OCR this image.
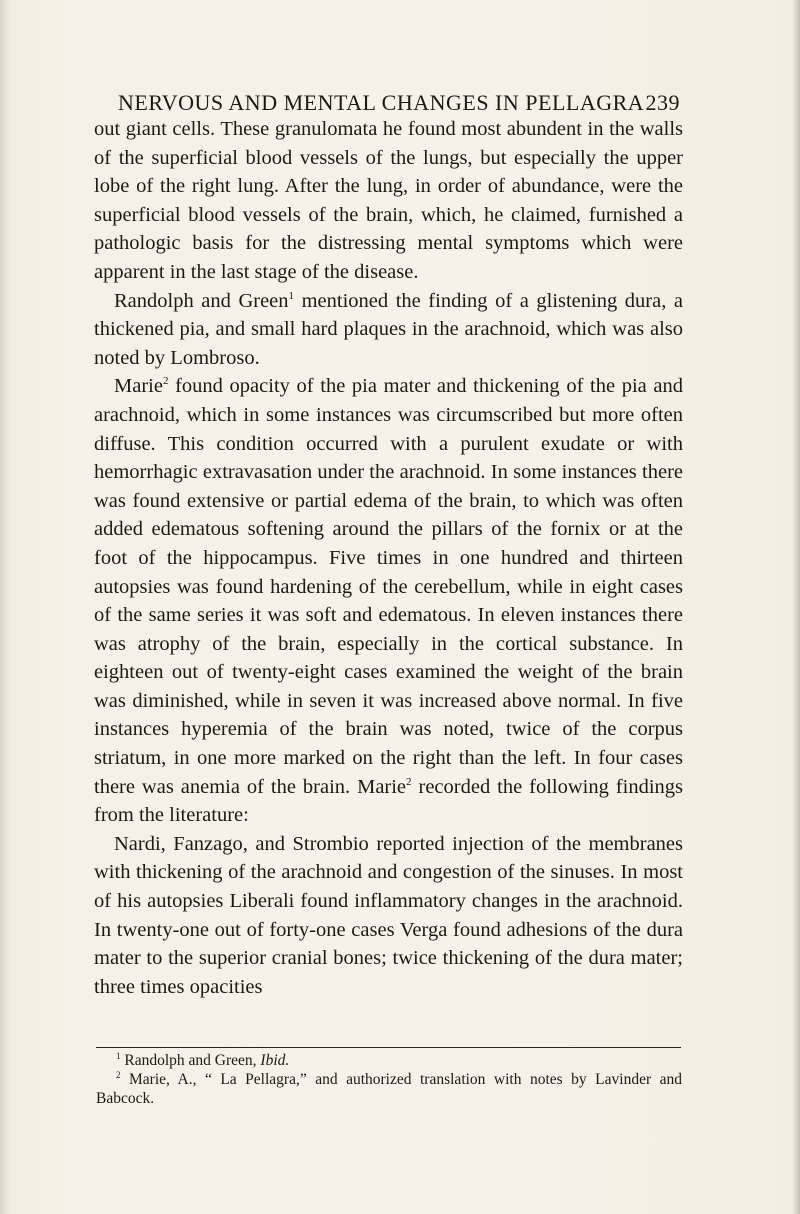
NERVOUS AND MENTAL CHANGES IN PELLAGRA 239

out giant cells. These granulomata he found most abundent in the walls of the superficial blood vessels of the lungs, but especially the upper lobe of the right lung. After the lung, in order of abundance, were the superficial blood vessels of the brain, which, he claimed, furnished a pathologic basis for the distressing mental symptoms which were apparent in the last stage of the disease.

Randolph and Green$^1$ mentioned the finding of a glistening dura, a thickened pia, and small hard plaques in the arachnoid, which was also noted by Lombroso.

Marie$^2$ found opacity of the pia mater and thickening of the pia and arachnoid, which in some instances was circumscribed but more often diffuse. This condition occurred with a purulent exudate or with hemorrhagic extravasation under the arachnoid. In some instances there was found extensive or partial edema of the brain, to which was often added edematous softening around the pillars of the fornix or at the foot of the hippocampus. Five times in one hundred and thirteen autopsies was found hardening of the cerebellum, while in eight cases of the same series it was soft and edematous. In eleven instances there was atrophy of the brain, especially in the cortical substance. In eighteen out of twenty-eight cases examined the weight of the brain was diminished, while in seven it was increased above normal. In five instances hyperemia of the brain was noted, twice of the corpus striatum, in one more marked on the right than the left. In four cases there was anemia of the brain. Marie$^2$ recorded the following findings from the literature:

Nardi, Fanzago, and Strombio reported injection of the membranes with thickening of the arachnoid and congestion of the sinuses. In most of his autopsies Liberali found inflammatory changes in the arachnoid. In twenty-one out of forty-one cases Verga found adhesions of the dura mater to the superior cranial bones; twice thickening of the dura mater; three times opacities

$^1$ Randolph and Green, Ibid.

$^2$ Marie, A., “ La Pellagra,” and authorized translation with notes by Lavinder and Babcock.
